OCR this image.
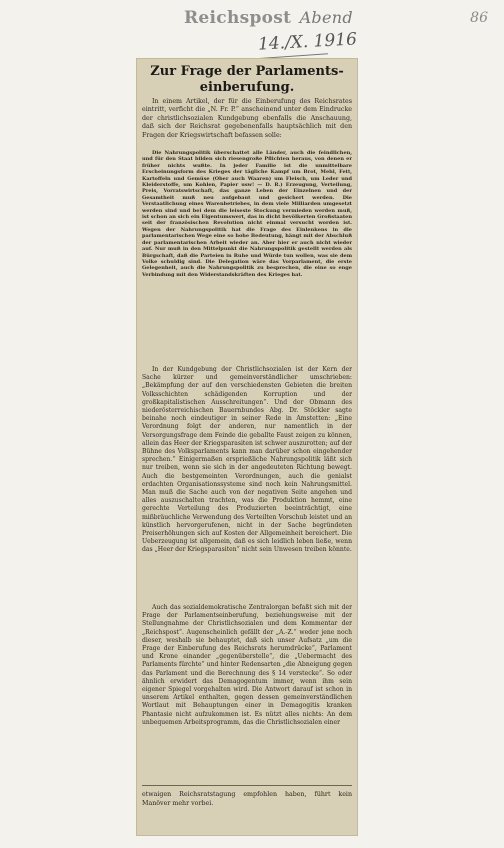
86
Reichspost Abend
14./X. 1916
Zur Frage der Parlaments-einberufung.

In einem Artikel, der für die Einberufung des Reichsrates eintritt, verficht die „N. Fr. P.“ anscheinend unter dem Eindrucke der christlichsozialen Kundgebung ebenfalls die Anschauung, daß sich der Reichsrat gegebenenfalls hauptsächlich mit den Fragen der Kriegswirtschaft befassen solle:

Die Nahrungspolitik überschattet alle Länder, auch die feindlichen, und für den Staat bilden sich riesengroße Pflichten heraus, von denen er früher nichts wußte. In jeder Familie ist die unmittelbare Erscheinungsform des Krieges der tägliche Kampf um Brot, Mehl, Fett, Kartoffeln und Gemüse (Ober auch Waaren) um Fleisch, um Leder und Kleiderstoffe, um Kohlen, Papier usw! — D. R.) Erzeugung, Verteilung, Preis, Vorratswirtschaft, das ganze Leben der Einzelnen und der Gesamtheit muß neu aufgebaut und gesichert werden. Die Verstaatlichung eines Warenbetriebes, in dem viele Milliarden umgesetzt werden sind und bei dem die leiseste Stockung vermieden werden muß, ist schon an sich ein Eigentumswert, das in dicht bevölkerten Großstaaten seit der französischen Revolution nicht einmal versucht worden ist. Wegen der Nahrungspolitik hat die Frage des Einlenkens in die parlamentarischen Wege eine so hohe Bedeutung, hängt mit der Abschluß der parlamentarischen Arbeit wieder an. Aber hier er auch nicht wieder auf. Nur muß in den Mittelpunkt die Nahrungspolitik gestellt werden als Bürgschaft, daß die Parteien in Ruhe und Würde tun wollen, was sie dem Volke schuldig sind. Die Delegation wäre das Vorparlament, die erste Gelegenheit, auch die Nahrungspolitik zu besprechen, die eine so enge Verbindung mit den Widerstandskräften des Krieges hat.

In der Kundgebung der Christlichsozialen ist der Kern der Sache kürzer und gemeinverständlicher umschrieben: „Bekämpfung der auf den verschiedensten Gebieten die breiten Volksschichten schädigenden Korruption und der großkapitalistischen Ausschreitungen“. Und der Obmann des niederösterreichischen Bauernbundes Abg. Dr. Stöckler sagte beinahe noch eindeutiger in seiner Rede in Amstetten: „Eine Verordnung folgt der anderen, nur namentlich in der Versorgungsfrage dem Feinde die geballte Faust zeigen zu können, allein das Heer der Kriegsparasiten ist schwer auszurotten; auf der Bühne des Volksparlaments kann man darüber schon eingehender sprechen.“ Einigermaßen ersprießliche Nahrungspolitik läßt sich nur treiben, wenn sie sich in der angedeuteten Richtung bewegt. Auch die bestgemeinten Verordnungen, auch die genialst erdachten Organisationssysteme sind noch kein Nahrungsmittel. Man muß die Sache auch von der negativen Seite angehen und alles auszuschalten trachten, was die Produktion hemmt, eine gerechte Verteilung des Produzierten beeinträchtigt, eine mißbräuchliche Verwendung des Verteilten Vorschub leistet und an künstlich hervorgerufenen, nicht in der Sache begründeten Preiserhöhungen sich auf Kosten der Allgemeinheit bereichert. Die Ueberzeugung ist allgemein, daß es sich leidlich leben ließe, wenn das „Heer der Kriegsparasiten“ nicht sein Unwesen treiben könnte.

Auch das sozialdemokratische Zentralorgan befaßt sich mit der Frage der Parlamentseinberufung, beziehungsweise mit der Stellungnahme der Christlichsozialen und dem Kommentar der „Reichspost“. Augenscheinlich gefällt der „A.-Z.“ weder jene noch dieser, weshalb sie behauptet, daß sich unser Aufsatz „um die Frage der Einberufung des Reichsrats herumdrücke“, Parlament und Krone einander „gegenüberstelle“, die „Uebermacht des Parlaments fürchte“ und hinter Redensarten „die Abneigung gegen das Parlament und die Berechnung des § 14 verstecke“. So oder ähnlich erwidert das Demagogentum immer, wenn ihm sein eigener Spiegel vorgehalten wird. Die Antwort darauf ist schon in unserem Artikel enthalten, gegen dessen gemeinverständlichen Wortlaut mit Behauptungen einer in Demagogitis kranken Phantasie nicht aufzukommen ist. Es nützt alles nichts: An dem unbequemen Arbeitsprogramm, das die Christlichsozialen einer

etwaigen Reichsratstagung empfohlen haben, führt kein Manöver mehr vorbei.
